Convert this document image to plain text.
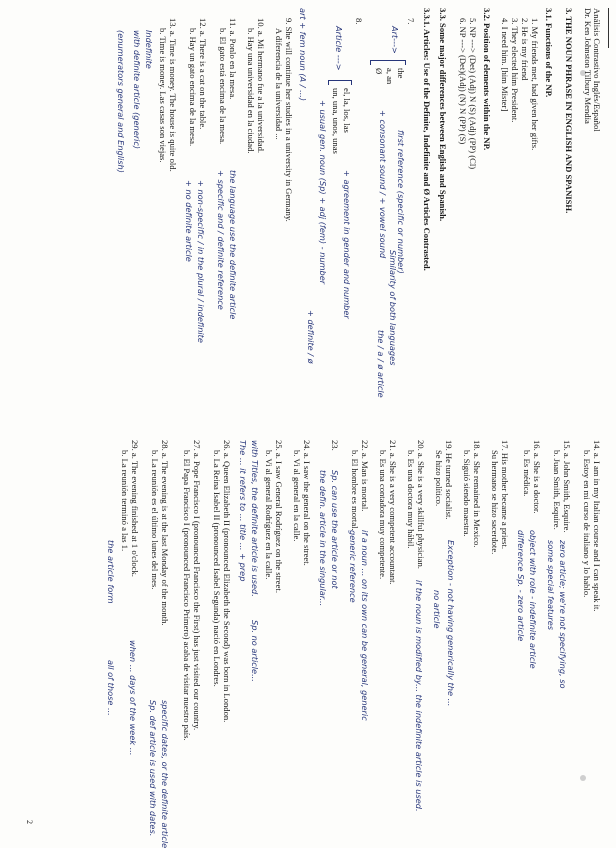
Análisis Contrastivo Inglés/Español
Dr. Ken Johnston Tilbury Mendia
3. THE NOUN PHRASE IN ENGLISH AND SPANISH.
3.1. Functions of the NP.
1. My friends met, had given her gifts.
2. He is my friend
3. They elected him President.
4. I need him. [him Mister]
3.2. Position of elements within the NP.
5. NP ---> (Det) (Adj) N (S) (Adj) (PP) (Cl)
6. NP ---> (Det)(Adj) (N) N (PP) (S)
3.3. Some major differences between English and Spanish.
3.3.1. Articles: Use of the Definite, Indefinite and Ø Articles Contrasted.
7.
Art--->
the
a, an
Ø
first reference (specific or number)
+ consonant sound / + vowel sound
Similarity of both languages
8.
Article --->
el, la, los, las
un, una, unos, unas
+ agreement in gender and number
+ usual gen. noun (Sp) + adj (fem) - number
art + fem noun (A / ...)
9. She will continue her studies in a university in Germany.
A diferencia de la universidad ...
+ definite / ø
10. a. Mi hermano fue a la universidad.
b. Hay una universidad en la ciudad.
11. a. Ponlo en la mesa.
b. El gato está encima de la mesa.
the language use the definite article
+ specific and / definite reference
12. a. There is a cat on the table.
b. Hay un gato encima de la mesa.
+ non-specific / in the plural / indefinite
+ no definite article
13. a. Time is money. The house is quite old.
b. Time is money. Las casas son viejas.
Indefinite
with definite article (generic)
(enumerators general and English)
14. a. I am in my Italian course and I can speak it.
b. Estoy en mi curso de italiano y lo hablo.
15. a. John Smith, Esquire.
b. Juan Smith, Esquire.
zero article; we're not specifying, so
some special features
16. a. She is a doctor.
b. Es médica.
object with role - indefinite article
difference Sp. - zero article
17. His mother became a priest.
Su hermano se hizo sacerdote.
18. a. She remained in Mexico.
b. Siguió siendo maestra.
19. He turned socialist.
Se hizo político.
Exception - not having generically the ...
no article
20. a. She is a very skillful physician.
b. Es una doctora muy hábil.
if the noun is modified by... the indefinite article is used.
21. a. She is a very competent accountant.
b. Es una contadora muy competente.
22. a. Man is mortal.
b. El hombre es mortal.
if a noun ... on its own can be general, generic
generic reference
23.
Sp. can use the article or not
the defin. article in the singular...
24. a. I saw the general on the street.
b. Vi al general en la calle.
25. a. I saw General Rodríguez on the street.
b. Vi al general Rodríguez en la calle.
with Titles, the definite article is used.
Sp. no article...
The ... it refers to ... title ... + prep
26. a. Queen Elizabeth II (pronounced Elizabeth the Second) was born in London.
b. La Reina Isabel II (pronounced Isabel Segunda) nació en Londres.
27. a. Pope Francisco I (pronounced Francisco the First) has just visited our country.
b. El Papa Francisco I (pronounced Francisco Primero) acaba de visitar nuestro país.
28. a. The evening is at the last Monday of the month.
b. La reunión es el último lunes del mes.
specific dates, or the definite article
Sp. def article is used with dates.
29. a. The evening finished at 1 o'clock.
b. La reunión terminó a las 1.
when ... days of the week ...
the article form
all of those ...
the / a / ø article
2
